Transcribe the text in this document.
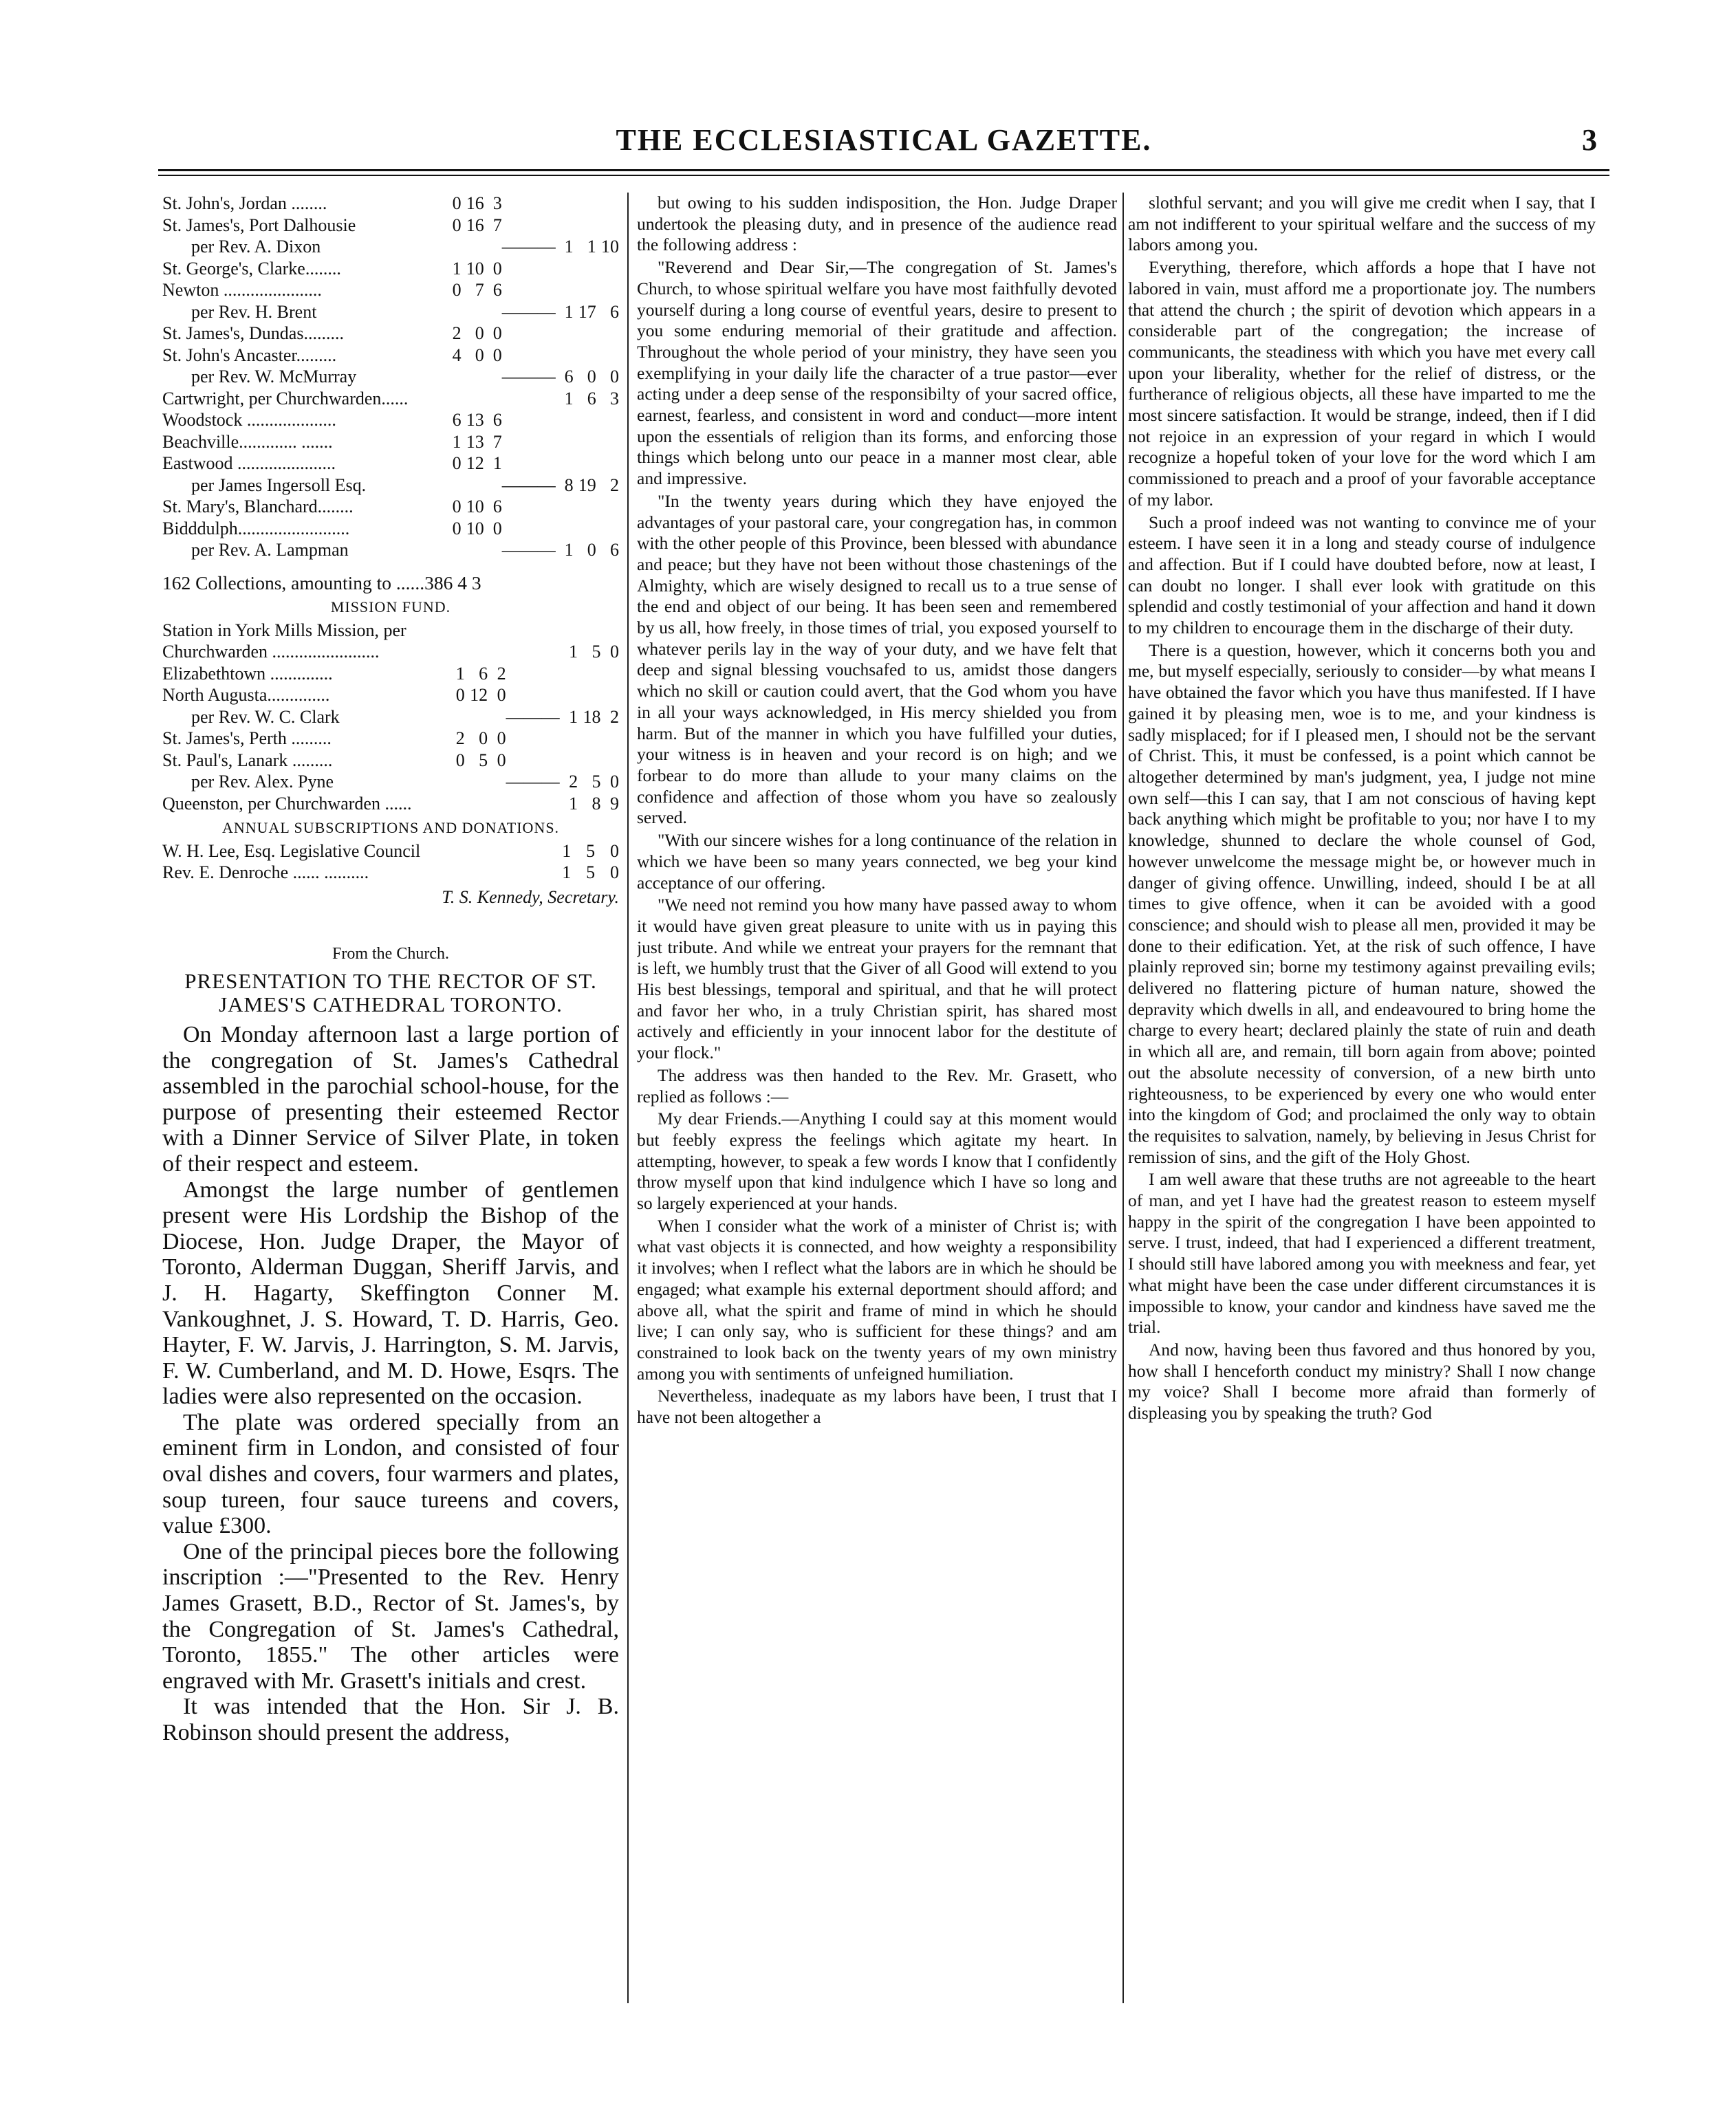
THE ECCLESIASTICAL GAZETTE.	3
St. John's, Jordan ........	0	16	3				
St. James's, Port Dalhousie	0	16	7				
per Rev. A. Dixon				———	1	1	10
St. George's, Clarke........	1	10	0				
Newton ......................	0	7	6				
per Rev. H. Brent				———	1	17	6
St. James's, Dundas.........	2	0	0				
St. John's Ancaster.........	4	0	0				
per Rev. W. McMurray				———	6	0	0
Cartwright, per Churchwarden......					1	6	3
Woodstock ....................	6	13	6				
Beachville............. .......	1	13	7				
Eastwood ......................	0	12	1				
per James Ingersoll Esq.				———	8	19	2
St. Mary's, Blanchard........	0	10	6				
Bidddulph.........................	0	10	0				
per Rev. A. Lampman				———	1	0	6
162 Collections, amounting to ......386 4 3
MISSION FUND.
Station in York Mills Mission, per							
Churchwarden ........................					1	5	0
Elizabethtown ..............	1	6	2				
North Augusta..............	0	12	0				
per Rev. W. C. Clark				———	1	18	2
St. James's, Perth .........	2	0	0				
St. Paul's, Lanark .........	0	5	0				
per Rev. Alex. Pyne				———	2	5	0
Queenston, per Churchwarden ......					1	8	9
ANNUAL SUBSCRIPTIONS AND DONATIONS.
W. H. Lee, Esq. Legislative Council					1	5	0
Rev. E. Denroche ...... ..........					1	5	0
T. S. Kennedy, Secretary.
From the Church.
PRESENTATION TO THE RECTOR OF ST. JAMES'S CATHEDRAL TORONTO.

On Monday afternoon last a large portion of the congregation of St. James's Cathedral assembled in the parochial school-house, for the purpose of presenting their esteemed Rector with a Dinner Service of Silver Plate, in token of their respect and esteem.

Amongst the large number of gentlemen present were His Lordship the Bishop of the Diocese, Hon. Judge Draper, the Mayor of Toronto, Alderman Duggan, Sheriff Jarvis, and J. H. Hagarty, Skeffington Conner M. Vankoughnet, J. S. Howard, T. D. Harris, Geo. Hayter, F. W. Jarvis, J. Harrington, S. M. Jarvis, F. W. Cumberland, and M. D. Howe, Esqrs. The ladies were also represented on the occasion.

The plate was ordered specially from an eminent firm in London, and consisted of four oval dishes and covers, four warmers and plates, soup tureen, four sauce tureens and covers, value £300.

One of the principal pieces bore the following inscription :—"Presented to the Rev. Henry James Grasett, B.D., Rector of St. James's, by the Congregation of St. James's Cathedral, Toronto, 1855." The other articles were engraved with Mr. Grasett's initials and crest.

It was intended that the Hon. Sir J. B. Robinson should present the address,

but owing to his sudden indisposition, the Hon. Judge Draper undertook the pleasing duty, and in presence of the audience read the following address :

"Reverend and Dear Sir,—The congregation of St. James's Church, to whose spiritual welfare you have most faithfully devoted yourself during a long course of eventful years, desire to present to you some enduring memorial of their gratitude and affection. Throughout the whole period of your ministry, they have seen you exemplifying in your daily life the character of a true pastor—ever acting under a deep sense of the responsibilty of your sacred office, earnest, fearless, and consistent in word and conduct—more intent upon the essentials of religion than its forms, and enforcing those things which belong unto our peace in a manner most clear, able and impressive.

"In the twenty years during which they have enjoyed the advantages of your pastoral care, your congregation has, in common with the other people of this Province, been blessed with abundance and peace; but they have not been without those chastenings of the Almighty, which are wisely designed to recall us to a true sense of the end and object of our being. It has been seen and remembered by us all, how freely, in those times of trial, you exposed yourself to whatever perils lay in the way of your duty, and we have felt that deep and signal blessing vouchsafed to us, amidst those dangers which no skill or caution could avert, that the God whom you have in all your ways acknowledged, in His mercy shielded you from harm. But of the manner in which you have fulfilled your duties, your witness is in heaven and your record is on high; and we forbear to do more than allude to your many claims on the confidence and affection of those whom you have so zealously served.

"With our sincere wishes for a long continuance of the relation in which we have been so many years connected, we beg your kind acceptance of our offering.

"We need not remind you how many have passed away to whom it would have given great pleasure to unite with us in paying this just tribute. And while we entreat your prayers for the remnant that is left, we humbly trust that the Giver of all Good will extend to you His best blessings, temporal and spiritual, and that he will protect and favor her who, in a truly Christian spirit, has shared most actively and efficiently in your innocent labor for the destitute of your flock."

The address was then handed to the Rev. Mr. Grasett, who replied as follows :—

My dear Friends.—Anything I could say at this moment would but feebly express the feelings which agitate my heart. In attempting, however, to speak a few words I know that I confidently throw myself upon that kind indulgence which I have so long and so largely experienced at your hands.

When I consider what the work of a minister of Christ is; with what vast objects it is connected, and how weighty a responsibility it involves; when I reflect what the labors are in which he should be engaged; what example his external deportment should afford; and above all, what the spirit and frame of mind in which he should live; I can only say, who is sufficient for these things? and am constrained to look back on the twenty years of my own ministry among you with sentiments of unfeigned humiliation.

Nevertheless, inadequate as my labors have been, I trust that I have not been altogether a

slothful servant; and you will give me credit when I say, that I am not indifferent to your spiritual welfare and the success of my labors among you.

Everything, therefore, which affords a hope that I have not labored in vain, must afford me a proportionate joy. The numbers that attend the church ; the spirit of devotion which appears in a considerable part of the congregation; the increase of communicants, the steadiness with which you have met every call upon your liberality, whether for the relief of distress, or the furtherance of religious objects, all these have imparted to me the most sincere satisfaction. It would be strange, indeed, then if I did not rejoice in an expression of your regard in which I would recognize a hopeful token of your love for the word which I am commissioned to preach and a proof of your favorable acceptance of my labor.

Such a proof indeed was not wanting to convince me of your esteem. I have seen it in a long and steady course of indulgence and affection. But if I could have doubted before, now at least, I can doubt no longer. I shall ever look with gratitude on this splendid and costly testimonial of your affection and hand it down to my children to encourage them in the discharge of their duty.

There is a question, however, which it concerns both you and me, but myself especially, seriously to consider—by what means I have obtained the favor which you have thus manifested. If I have gained it by pleasing men, woe is to me, and your kindness is sadly misplaced; for if I pleased men, I should not be the servant of Christ. This, it must be confessed, is a point which cannot be altogether determined by man's judgment, yea, I judge not mine own self—this I can say, that I am not conscious of having kept back anything which might be profitable to you; nor have I to my knowledge, shunned to declare the whole counsel of God, however unwelcome the message might be, or however much in danger of giving offence. Unwilling, indeed, should I be at all times to give offence, when it can be avoided with a good conscience; and should wish to please all men, provided it may be done to their edification. Yet, at the risk of such offence, I have plainly reproved sin; borne my testimony against prevailing evils; delivered no flattering picture of human nature, showed the depravity which dwells in all, and endeavoured to bring home the charge to every heart; declared plainly the state of ruin and death in which all are, and remain, till born again from above; pointed out the absolute necessity of conversion, of a new birth unto righteousness, to be experienced by every one who would enter into the kingdom of God; and proclaimed the only way to obtain the requisites to salvation, namely, by believing in Jesus Christ for remission of sins, and the gift of the Holy Ghost.

I am well aware that these truths are not agreeable to the heart of man, and yet I have had the greatest reason to esteem myself happy in the spirit of the congregation I have been appointed to serve. I trust, indeed, that had I experienced a different treatment, I should still have labored among you with meekness and fear, yet what might have been the case under different circumstances it is impossible to know, your candor and kindness have saved me the trial.

And now, having been thus favored and thus honored by you, how shall I henceforth conduct my ministry? Shall I now change my voice? Shall I become more afraid than formerly of displeasing you by speaking the truth? God
